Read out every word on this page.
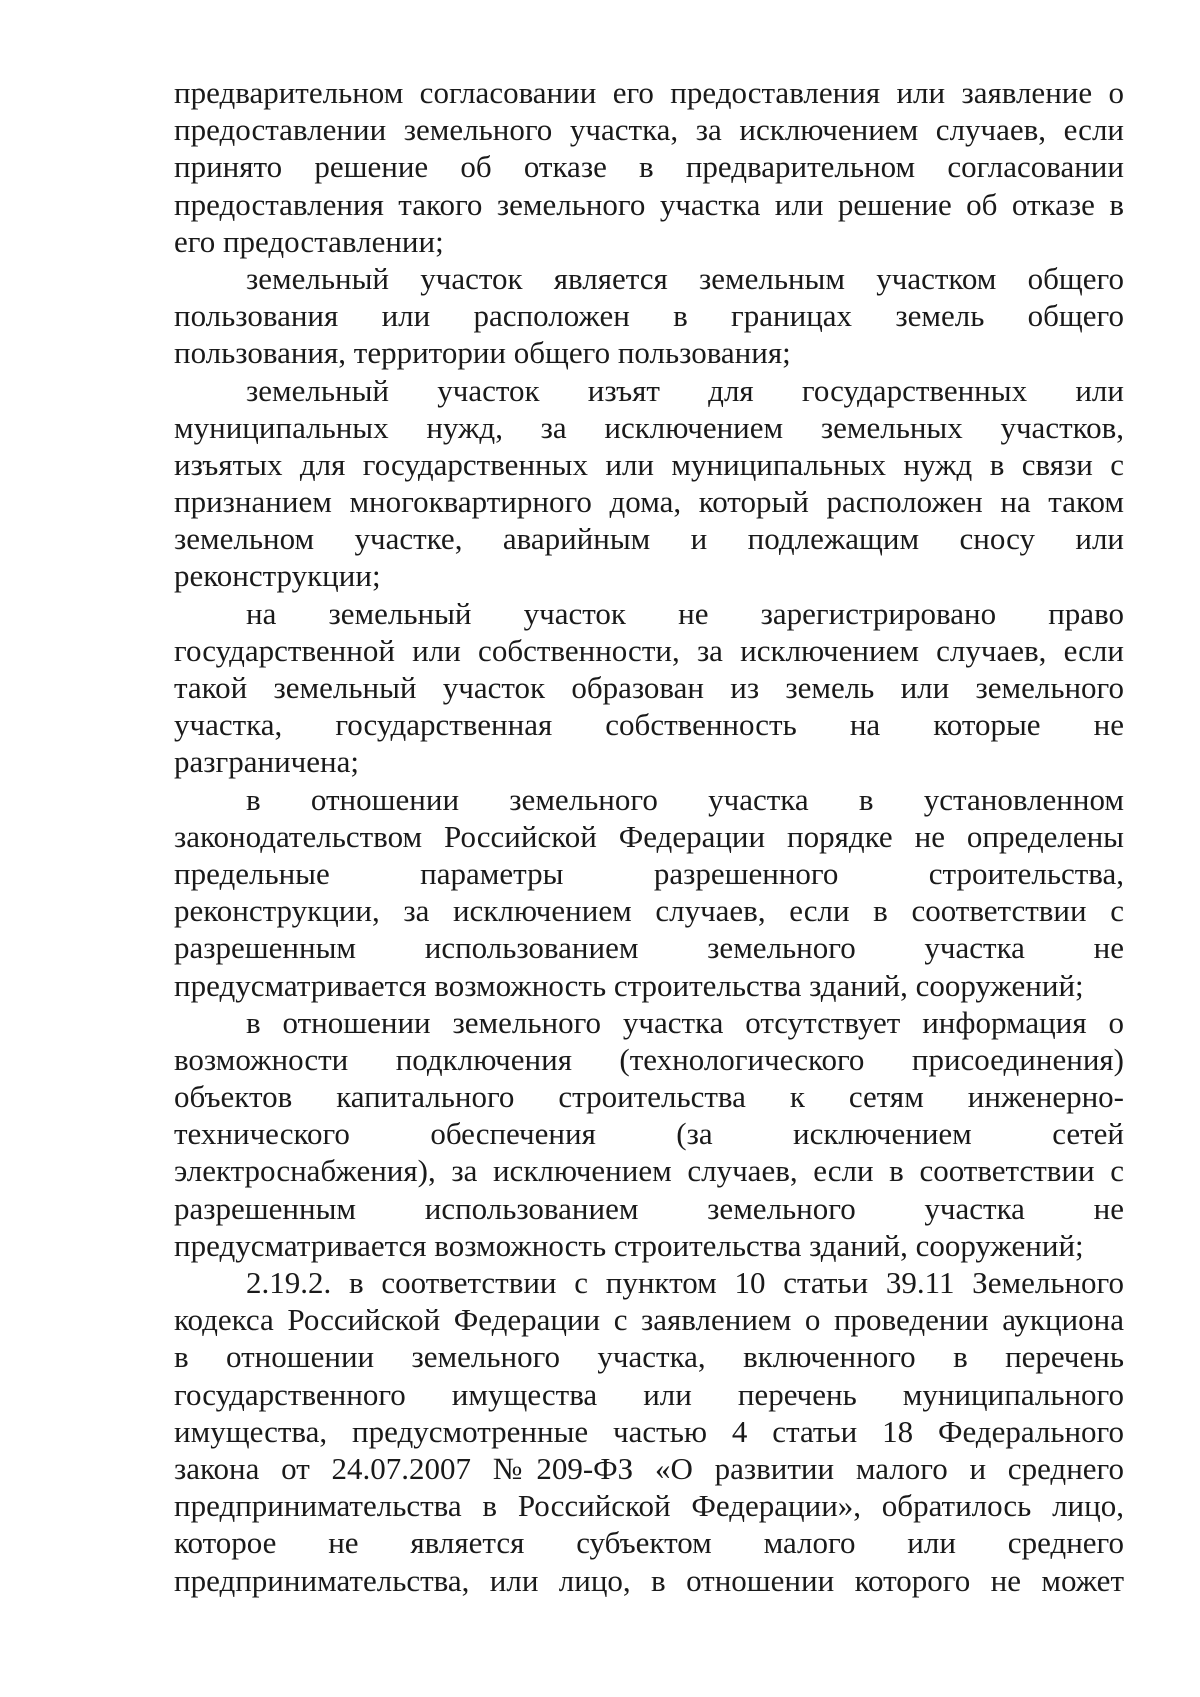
предварительном согласовании его предоставления или заявление о
предоставлении земельного участка, за исключением случаев, если
принято решение об отказе в предварительном согласовании
предоставления такого земельного участка или решение об отказе в
его предоставлении;
земельный участок является земельным участком общего
пользования или расположен в границах земель общего
пользования, территории общего пользования;
земельный участок изъят для государственных или
муниципальных нужд, за исключением земельных участков,
изъятых для государственных или муниципальных нужд в связи с
признанием многоквартирного дома, который расположен на таком
земельном участке, аварийным и подлежащим сносу или
реконструкции;
на земельный участок не зарегистрировано право
государственной или собственности, за исключением случаев, если
такой земельный участок образован из земель или земельного
участка, государственная собственность на которые не
разграничена;
в отношении земельного участка в установленном
законодательством Российской Федерации порядке не определены
предельные параметры разрешенного строительства,
реконструкции, за исключением случаев, если в соответствии с
разрешенным использованием земельного участка не
предусматривается возможность строительства зданий, сооружений;
в отношении земельного участка отсутствует информация о
возможности подключения (технологического присоединения)
объектов капитального строительства к сетям инженерно-
технического обеспечения (за исключением сетей
электроснабжения), за исключением случаев, если в соответствии с
разрешенным использованием земельного участка не
предусматривается возможность строительства зданий, сооружений;
2.19.2. в соответствии с пунктом 10 статьи 39.11 Земельного
кодекса Российской Федерации с заявлением о проведении аукциона
в отношении земельного участка, включенного в перечень
государственного имущества или перечень муниципального
имущества, предусмотренные частью 4 статьи 18 Федерального
закона от 24.07.2007 №209-ФЗ «О развитии малого и среднего
предпринимательства в Российской Федерации», обратилось лицо,
которое не является субъектом малого или среднего
предпринимательства, или лицо, в отношении которого не может
